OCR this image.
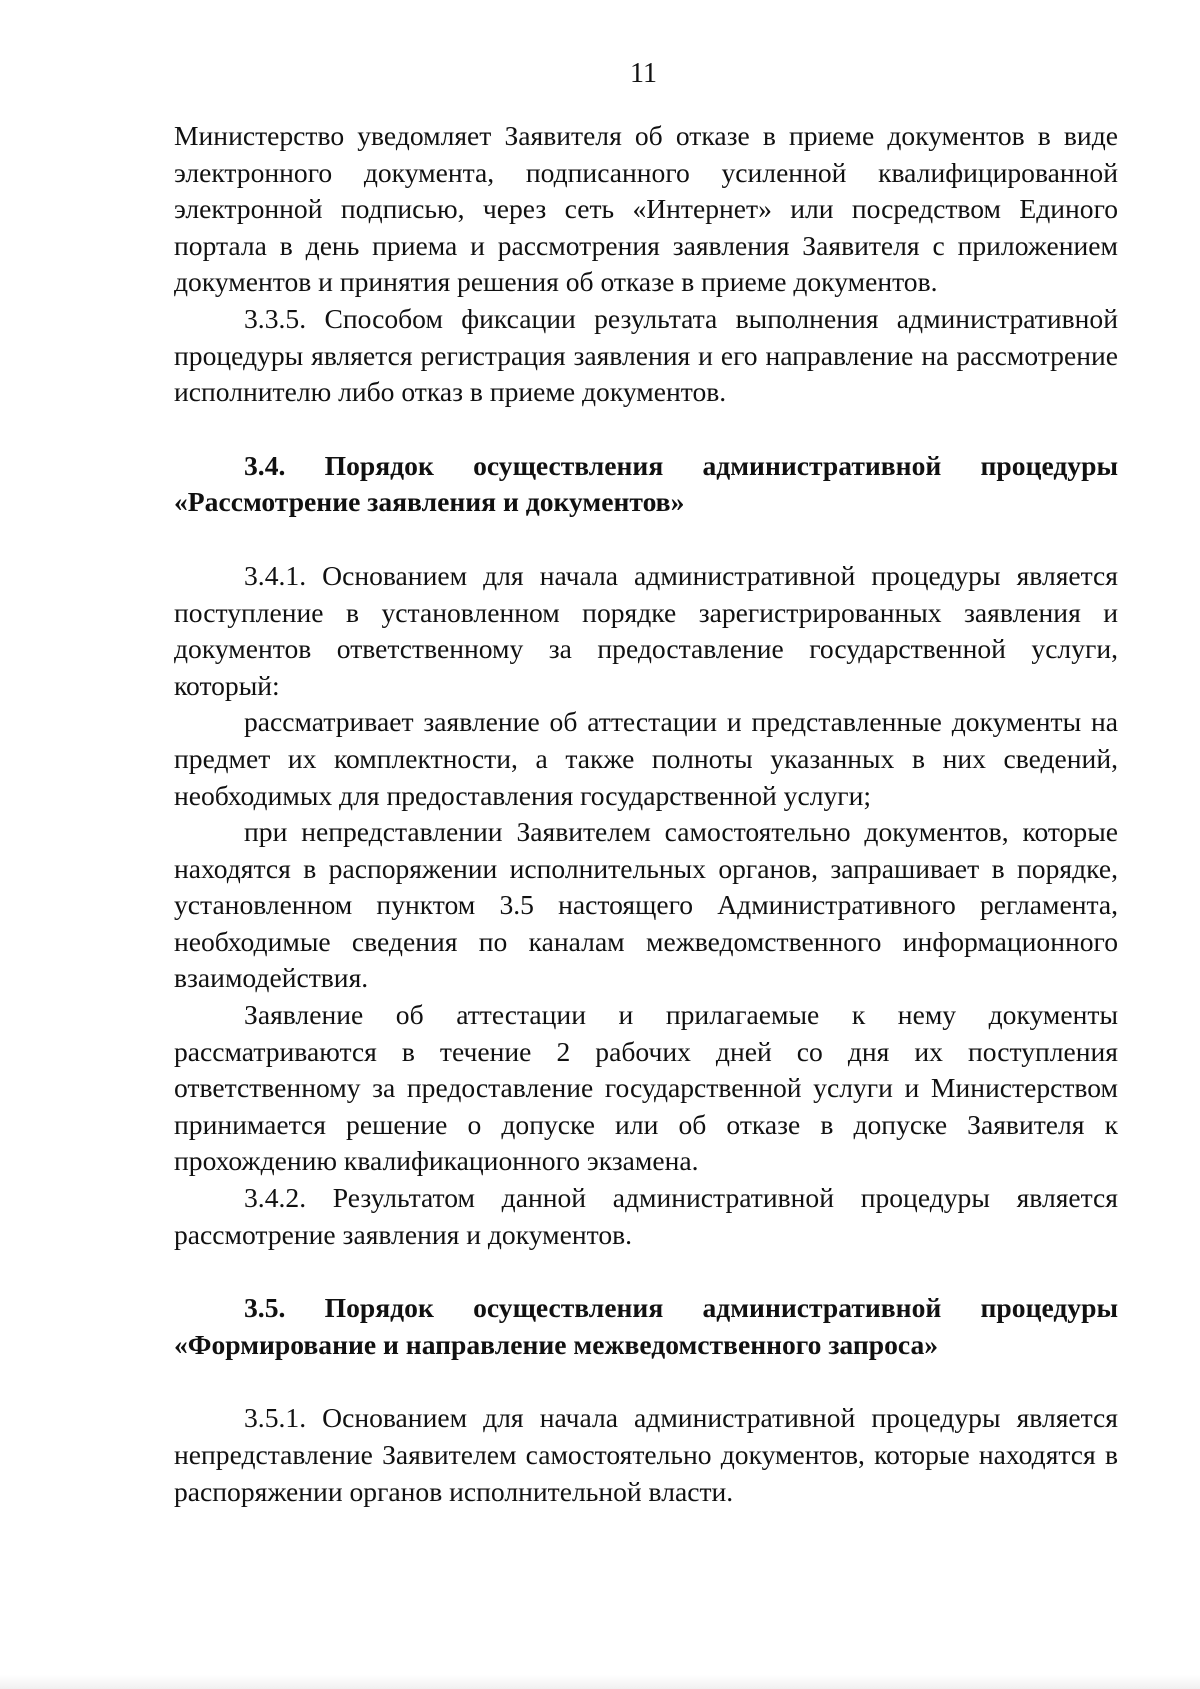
11

Министерство уведомляет Заявителя об отказе в приеме документов в виде электронного документа, подписанного усиленной квалифицированной электронной подписью, через сеть «Интернет» или посредством Единого портала в день приема и рассмотрения заявления Заявителя с приложением документов и принятия решения об отказе в приеме документов.

3.3.5. Способом фиксации результата выполнения административной процедуры является регистрация заявления и его направление на рассмотрение исполнителю либо отказ в приеме документов.

3.4. Порядок осуществления административной процедуры «Рассмотрение заявления и документов»

3.4.1. Основанием для начала административной процедуры является поступление в установленном порядке зарегистрированных заявления и документов ответственному за предоставление государственной услуги, который:

рассматривает заявление об аттестации и представленные документы на предмет их комплектности, а также полноты указанных в них сведений, необходимых для предоставления государственной услуги;

при непредставлении Заявителем самостоятельно документов, которые находятся в распоряжении исполнительных органов, запрашивает в порядке, установленном пунктом 3.5 настоящего Административного регламента, необходимые сведения по каналам межведомственного информационного взаимодействия.

Заявление об аттестации и прилагаемые к нему документы рассматриваются в течение 2 рабочих дней со дня их поступления ответственному за предоставление государственной услуги и Министерством принимается решение о допуске или об отказе в допуске Заявителя к прохождению квалификационного экзамена.

3.4.2. Результатом данной административной процедуры является рассмотрение заявления и документов.

3.5. Порядок осуществления административной процедуры «Формирование и направление межведомственного запроса»

3.5.1. Основанием для начала административной процедуры является непредставление Заявителем самостоятельно документов, которые находятся в распоряжении органов исполнительной власти.
